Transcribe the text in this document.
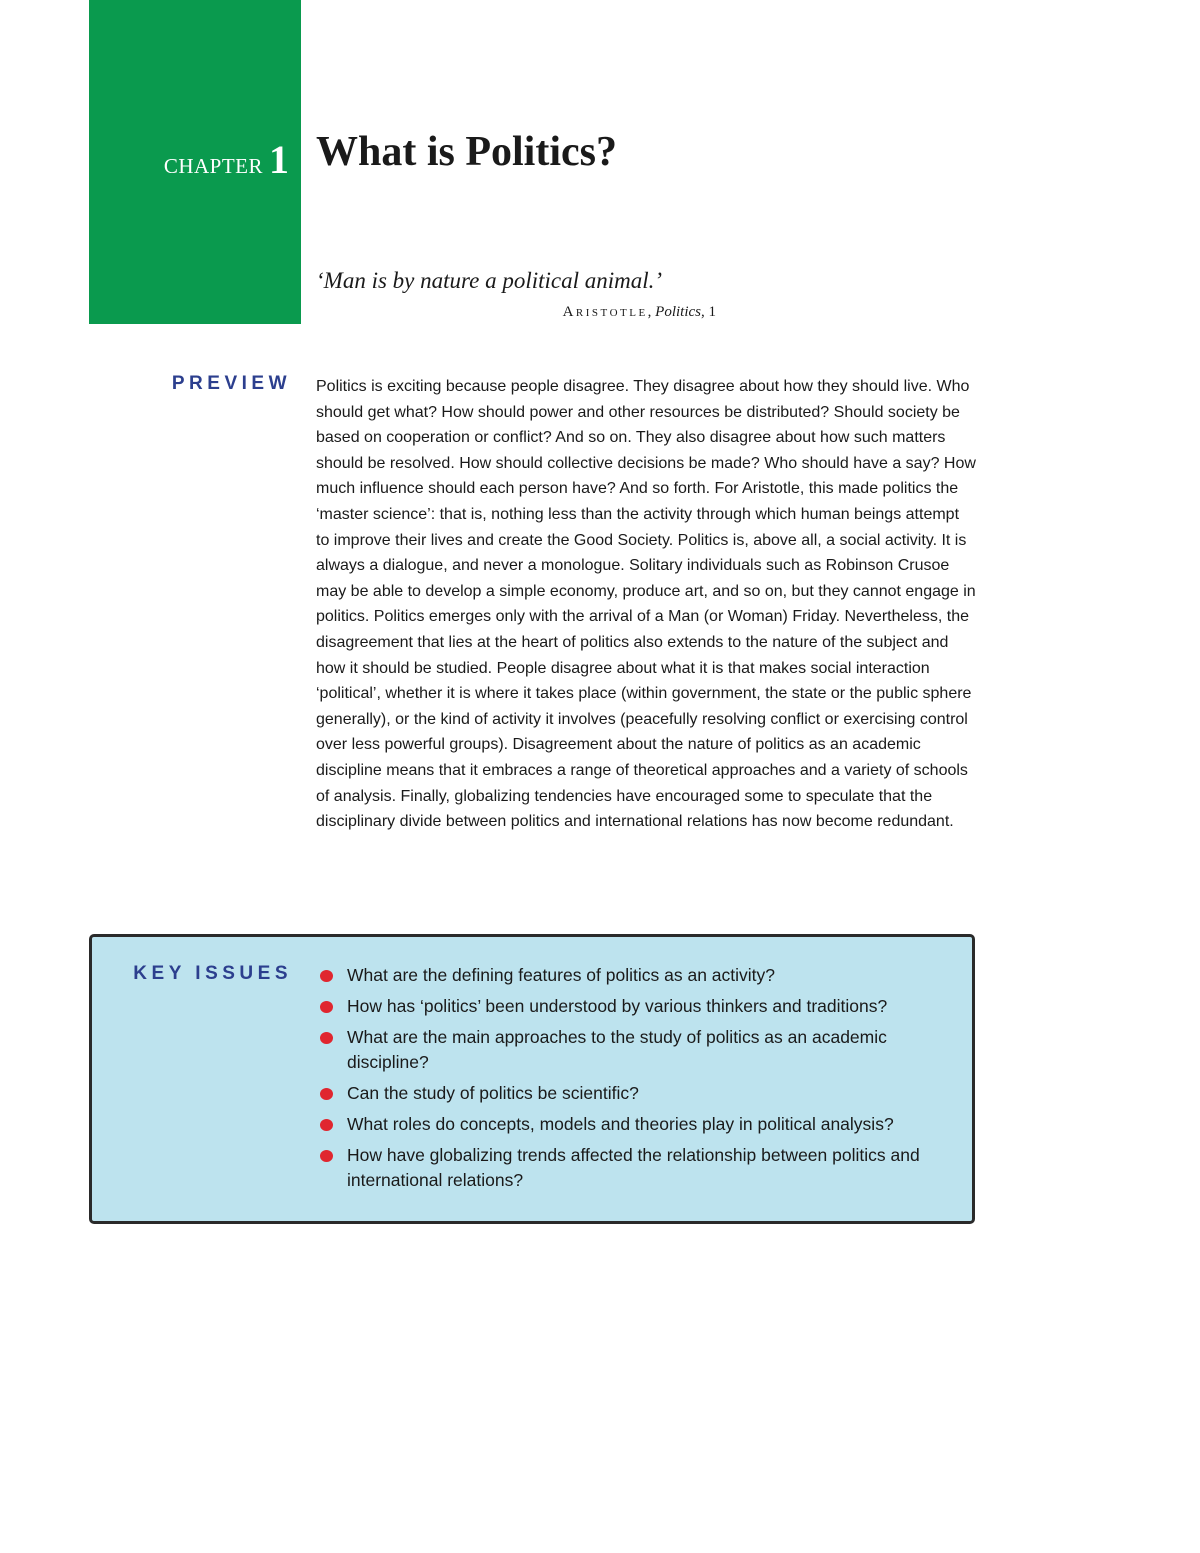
CHAPTER 1 What is Politics?

‘Man is by nature a political animal.’

Aristotle, Politics, 1
PREVIEW Politics is exciting because people disagree. They disagree about how they should live. Who should get what? How should power and other resources be distributed? Should society be based on cooperation or conflict? And so on. They also disagree about how such matters should be resolved. How should collective decisions be made? Who should have a say? How much influence should each person have? And so forth. For Aristotle, this made politics the ‘master science’: that is, nothing less than the activity through which human beings attempt to improve their lives and create the Good Society. Politics is, above all, a social activity. It is always a dialogue, and never a monologue. Solitary individuals such as Robinson Crusoe may be able to develop a simple economy, produce art, and so on, but they cannot engage in politics. Politics emerges only with the arrival of a Man (or Woman) Friday. Nevertheless, the disagreement that lies at the heart of politics also extends to the nature of the subject and how it should be studied. People disagree about what it is that makes social interaction ‘political’, whether it is where it takes place (within government, the state or the public sphere generally), or the kind of activity it involves (peacefully resolving conflict or exercising control over less powerful groups). Disagreement about the nature of politics as an academic discipline means that it embraces a range of theoretical approaches and a variety of schools of analysis. Finally, globalizing tendencies have encouraged some to speculate that the disciplinary divide between politics and international relations has now become redundant.

KEY ISSUES	What are the defining features of politics as an activity?
How has ‘politics’ been understood by various thinkers and traditions?
What are the main approaches to the study of politics as an academic discipline?
Can the study of politics be scientific?
What roles do concepts, models and theories play in political analysis?
How have globalizing trends affected the relationship between politics and international relations?
